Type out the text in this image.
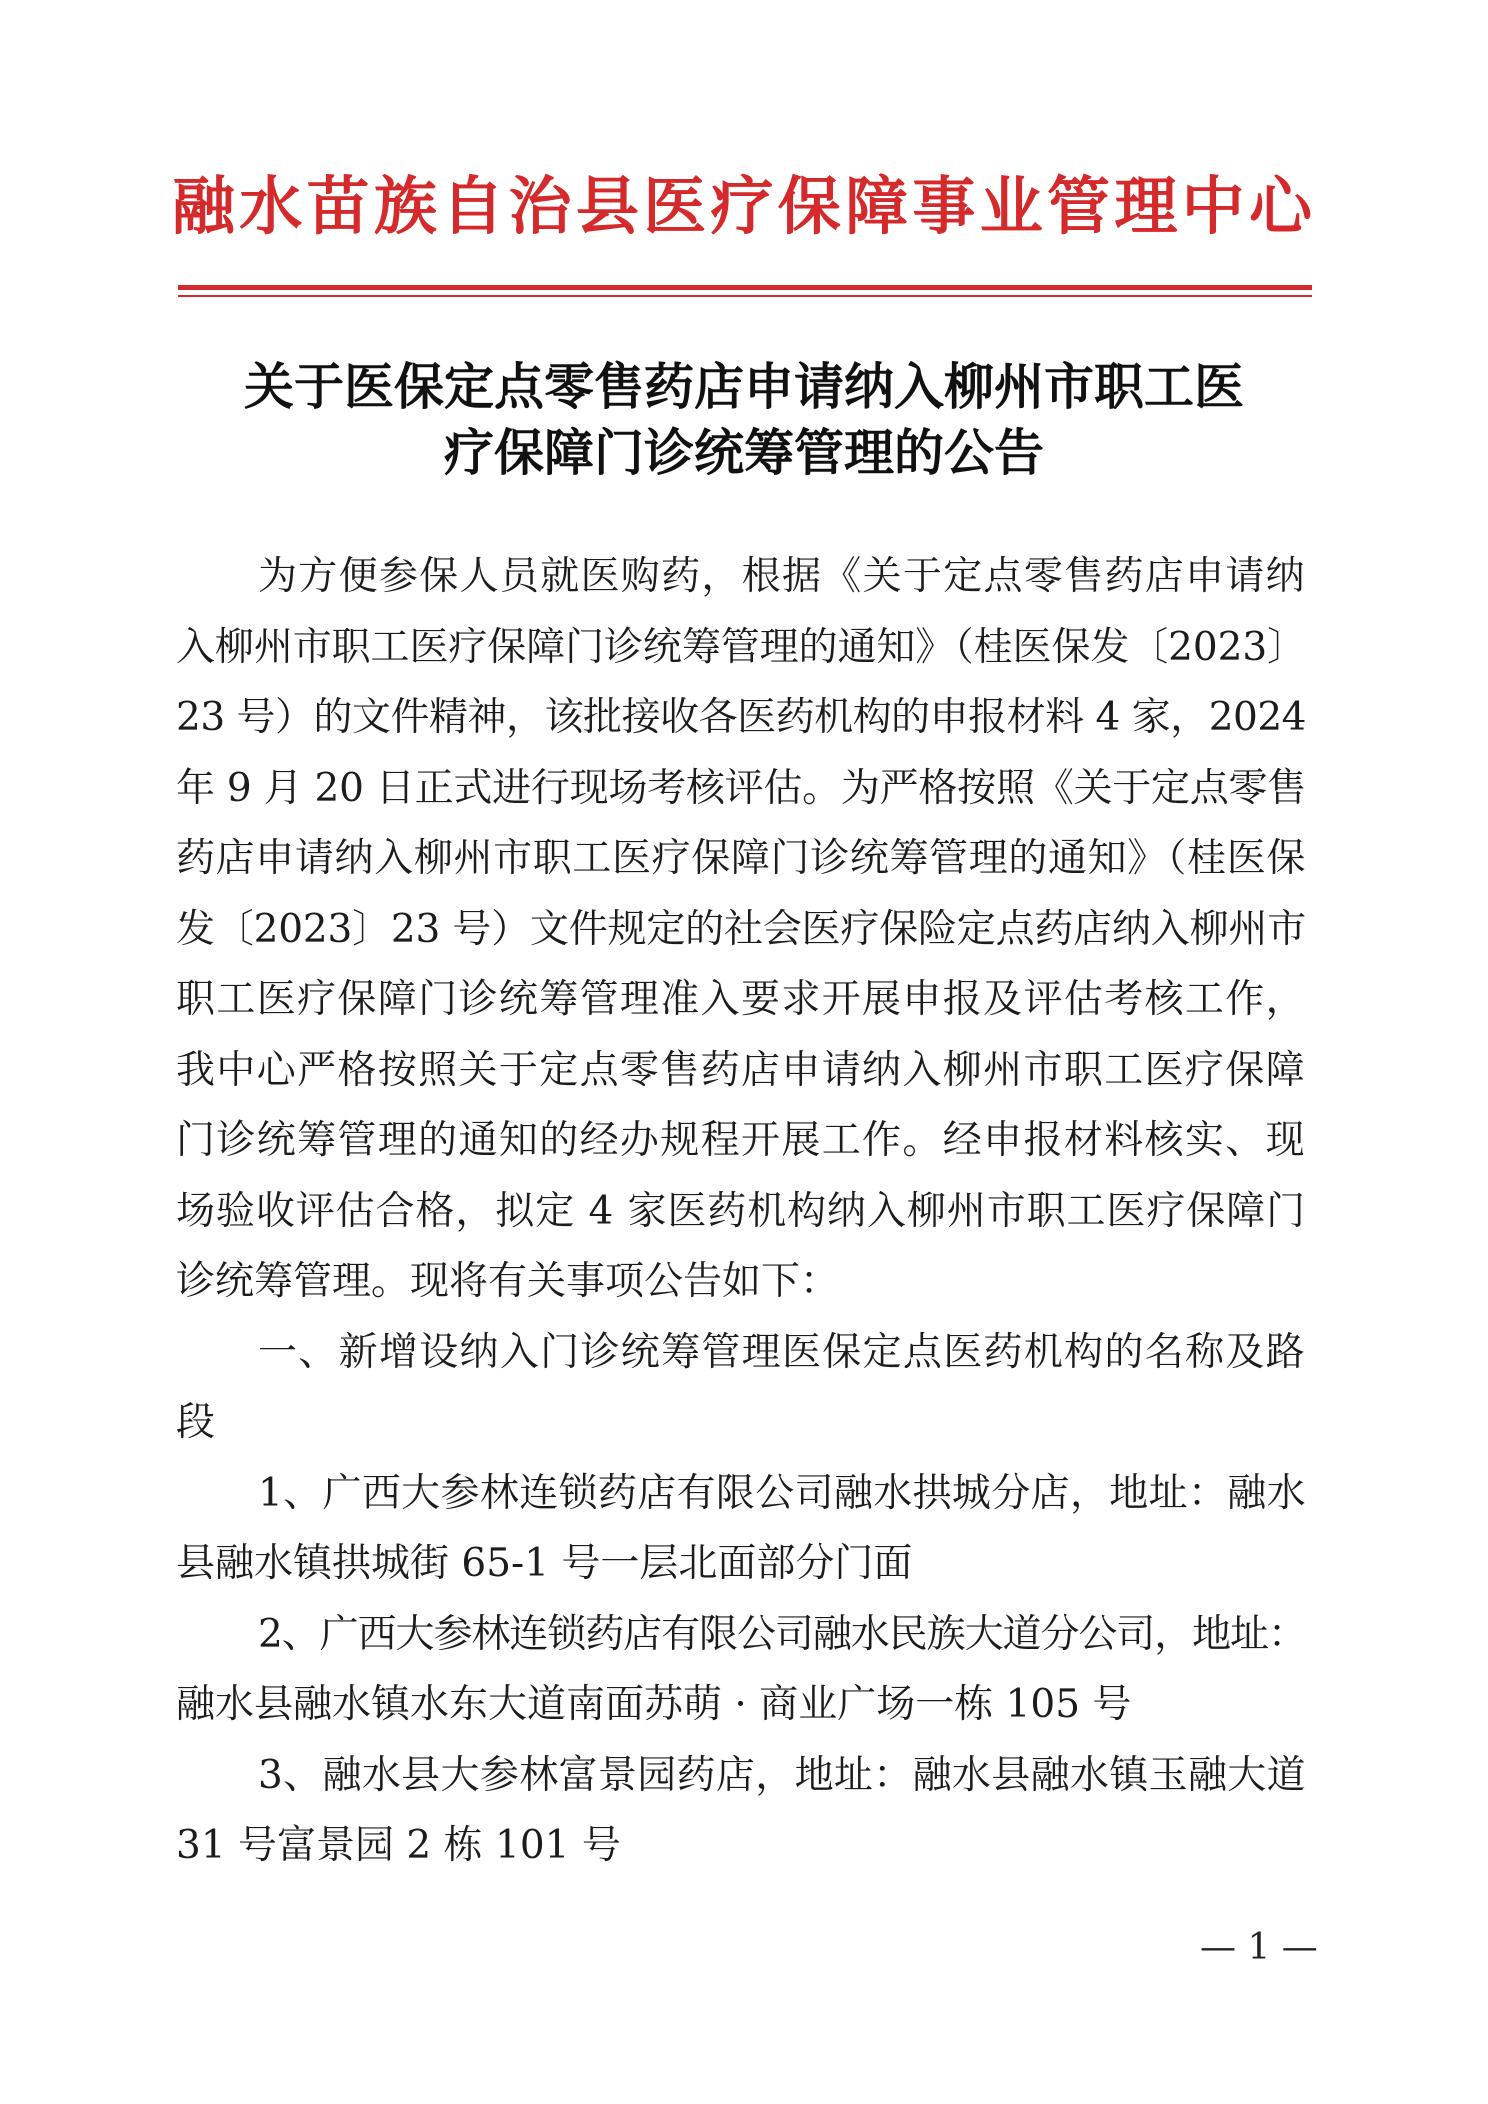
融水苗族自治县医疗保障事业管理中心
关于医保定点零售药店申请纳入柳州市职工医
疗保障门诊统筹管理的公告
为方便参保人员就医购药，根据《关于定点零售药店申请纳
入柳州市职工医疗保障门诊统筹管理的通知》（桂医保发〔2023〕
23 号）的文件精神，该批接收各医药机构的申报材料 4 家，2024
年 9 月 20 日正式进行现场考核评估。为严格按照《关于定点零售
药店申请纳入柳州市职工医疗保障门诊统筹管理的通知》（桂医保
发〔2023〕23 号）文件规定的社会医疗保险定点药店纳入柳州市
职工医疗保障门诊统筹管理准入要求开展申报及评估考核工作，
我中心严格按照关于定点零售药店申请纳入柳州市职工医疗保障
门诊统筹管理的通知的经办规程开展工作。经申报材料核实、现
场验收评估合格，拟定 4 家医药机构纳入柳州市职工医疗保障门
诊统筹管理。现将有关事项公告如下：
一、新增设纳入门诊统筹管理医保定点医药机构的名称及路
段
1、广西大参林连锁药店有限公司融水拱城分店，地址：融水
县融水镇拱城街 65-1 号一层北面部分门面
2、广西大参林连锁药店有限公司融水民族大道分公司，地址：
融水县融水镇水东大道南面苏萌 · 商业广场一栋 105 号
3、融水县大参林富景园药店，地址：融水县融水镇玉融大道
31 号富景园 2 栋 101 号
— 1 —
